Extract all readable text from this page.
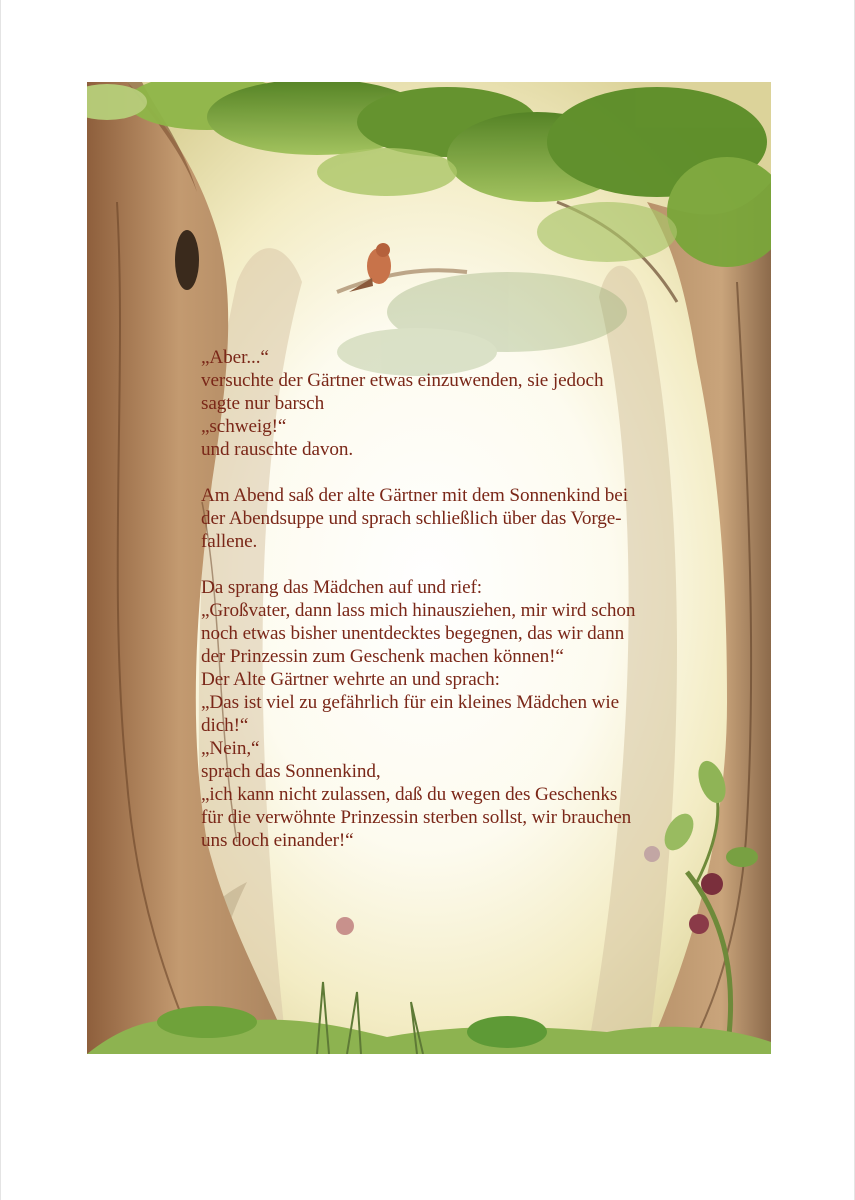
„Aber...“

versuchte der Gärtner etwas einzuwenden, sie jedoch

sagte nur barsch

„schweig!“

und rauschte davon.

Am Abend saß der alte Gärtner mit dem Sonnenkind bei

der Abendsuppe und sprach schließlich über das Vorge-

fallene.

Da sprang das Mädchen auf und rief:

„Großvater, dann lass mich hinausziehen, mir wird schon

noch etwas bisher unentdecktes begegnen, das wir dann

der Prinzessin zum Geschenk machen können!“

Der Alte Gärtner wehrte an und sprach:

„Das ist viel zu gefährlich für ein kleines Mädchen wie

dich!“

„Nein,“

sprach das Sonnenkind,

„ich kann nicht zulassen, daß du wegen des Geschenks

für die verwöhnte Prinzessin sterben sollst, wir brauchen

uns doch einander!“
